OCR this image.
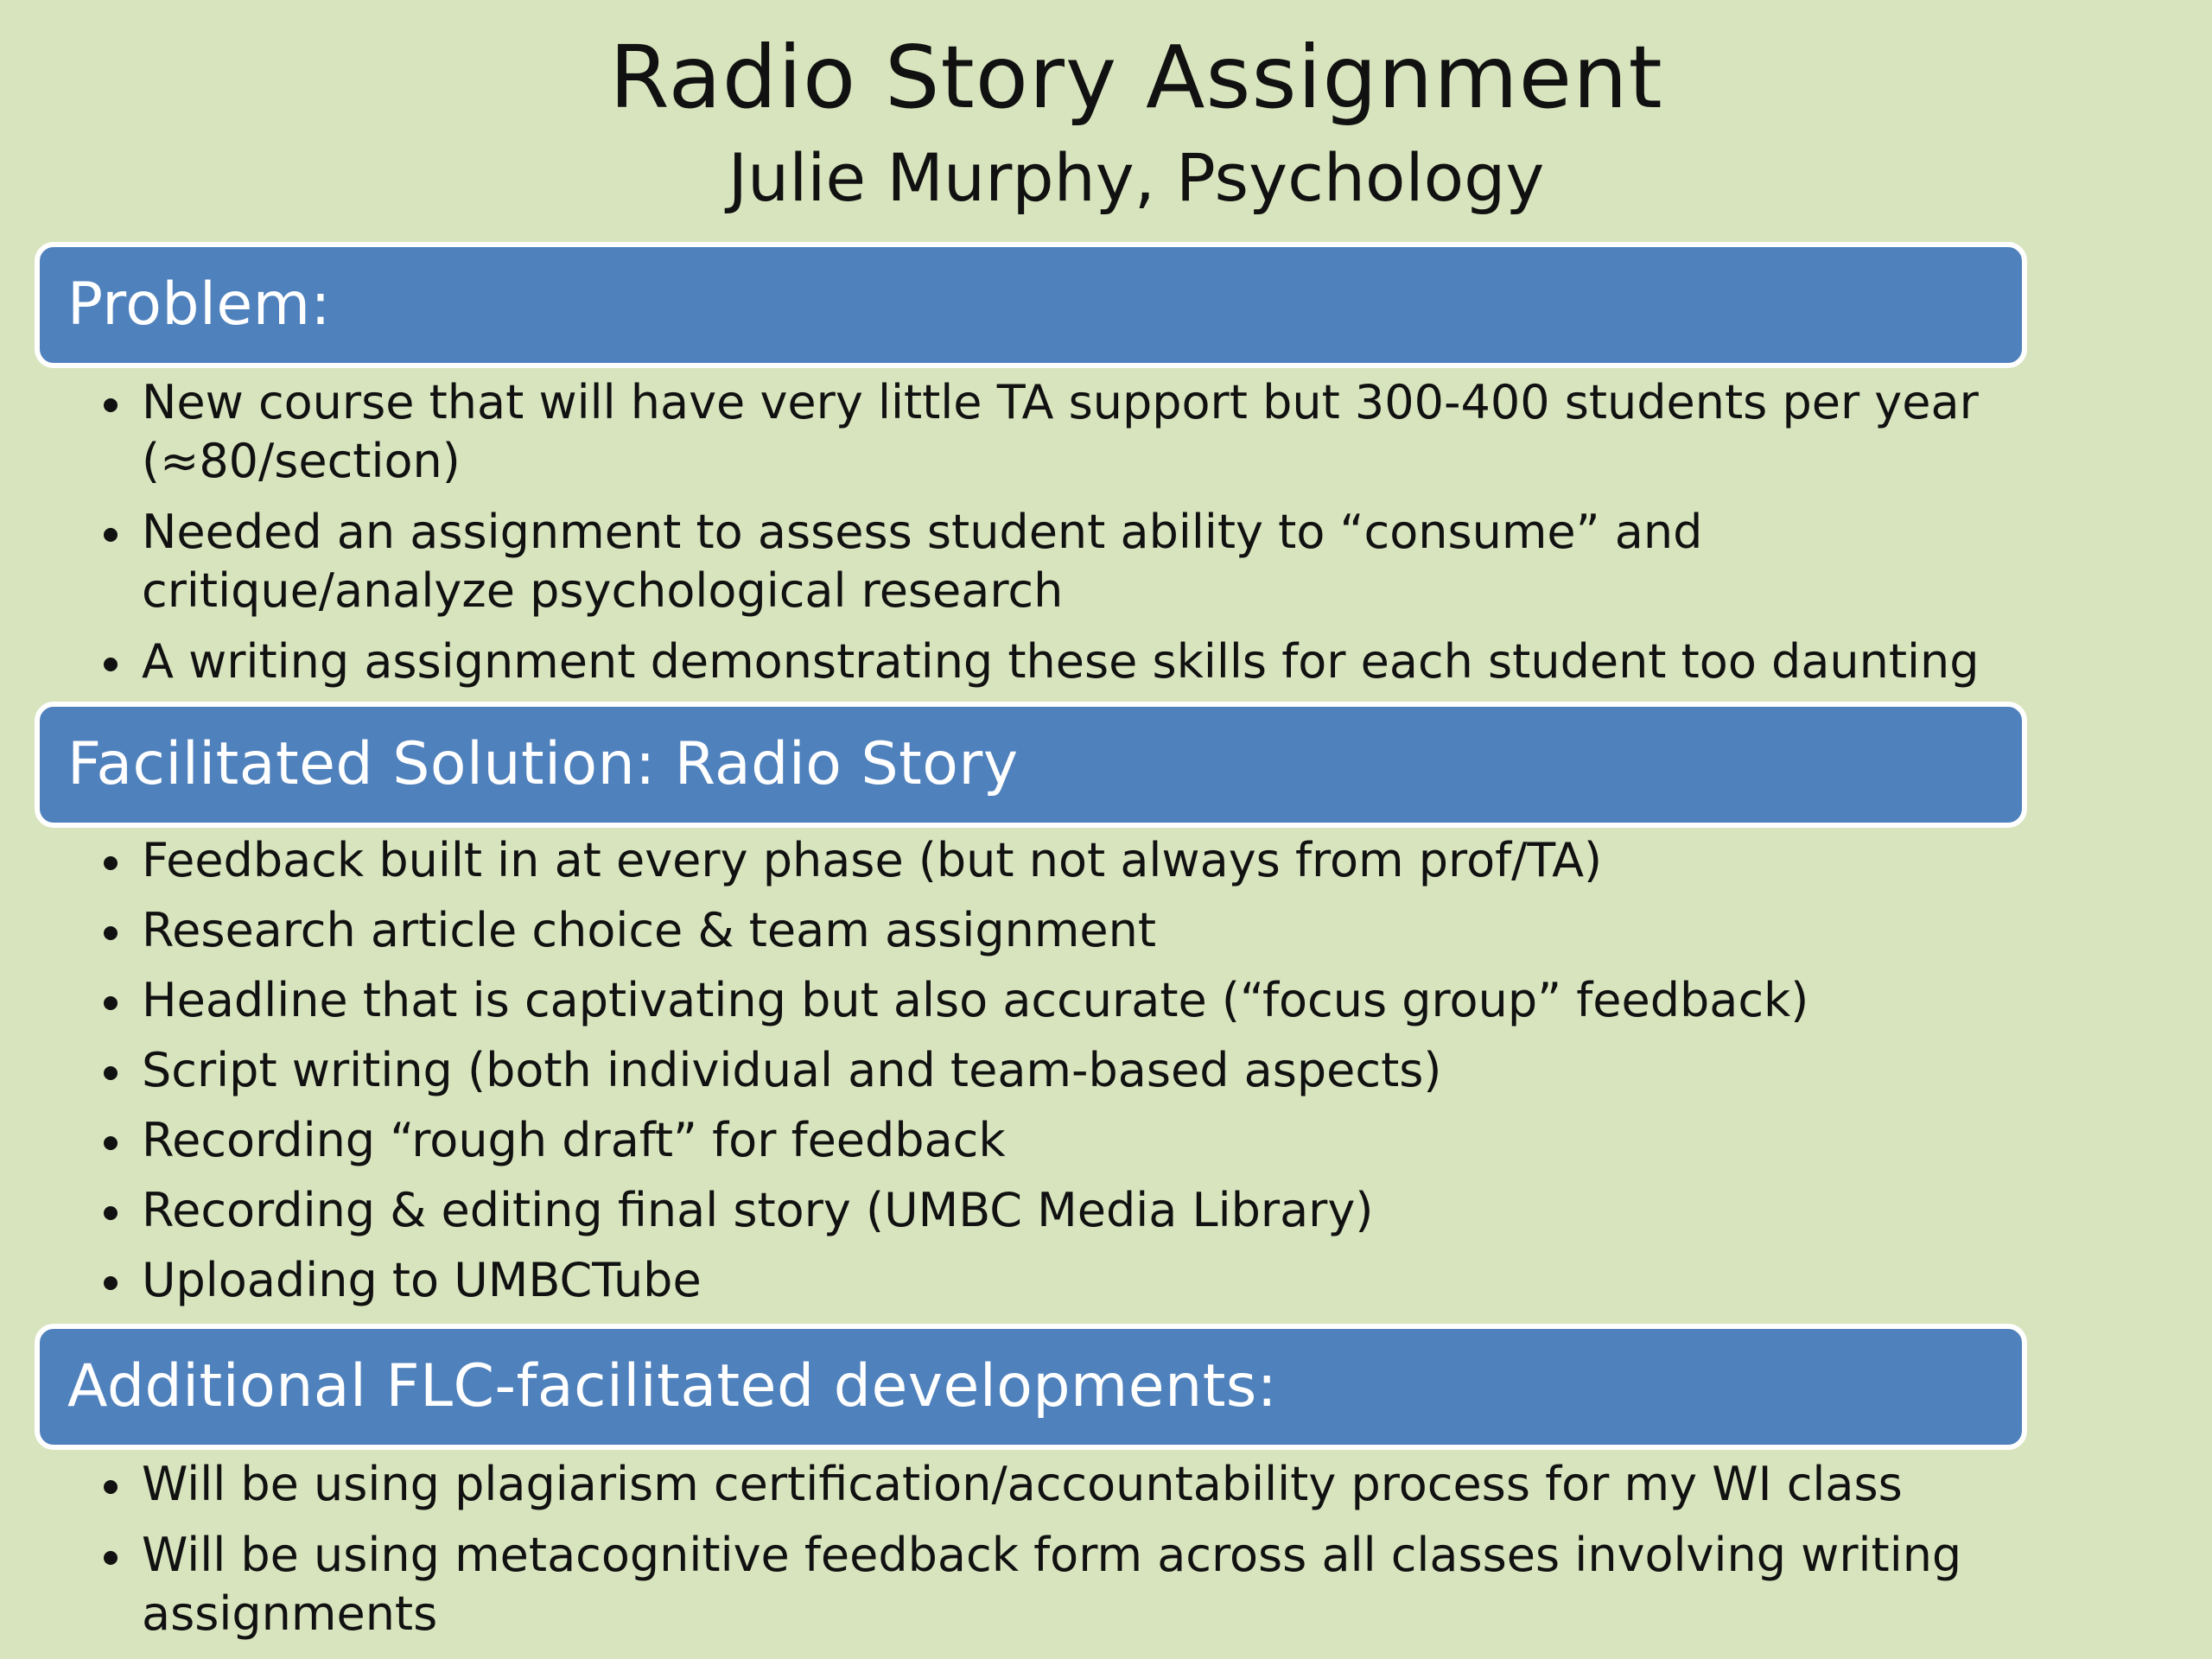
Radio Story Assignment
Julie Murphy, Psychology
Problem:
New course that will have very little TA support but 300-400 students per year (≈80/section)
Needed an assignment to assess student ability to “consume” and critique/analyze psychological research
A writing assignment demonstrating these skills for each student too daunting
Facilitated Solution: Radio Story
Feedback built in at every phase (but not always from prof/TA)
Research article choice & team assignment
Headline that is captivating but also accurate (“focus group” feedback)
Script writing (both individual and team-based aspects)
Recording “rough draft” for feedback
Recording & editing final story (UMBC Media Library)
Uploading to UMBCTube
Additional FLC-facilitated developments:
Will be using plagiarism certification/accountability process for my WI class
Will be using metacognitive feedback form across all classes involving writing assignments
